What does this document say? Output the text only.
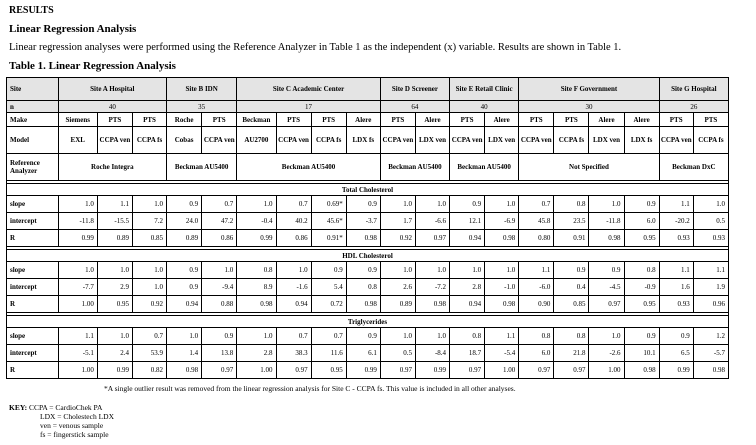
RESULTS
Linear Regression Analysis
Linear regression analyses were performed using the Reference Analyzer in Table 1 as the independent (x) variable. Results are shown in Table 1.
Table 1. Linear Regression Analysis
Site	Site A Hospital			Site B IDN		Site C Academic Center				Site D Screener		Site E Retail Clinic		Site F Government				Site G Hospital	
n	40			35		17				64		40		30				26	
Make	Siemens	PTS	PTS	Roche	PTS	Beckman	PTS	PTS	Alere	PTS	Alere	PTS	Alere	PTS	PTS	Alere	Alere	PTS	PTS
Model	EXL	CCPA ven	CCPA fs	Cobas	CCPA ven	AU2700	CCPA ven	CCPA fs	LDX fs	CCPA ven	LDX ven	CCPA ven	LDX ven	CCPA ven	CCPA fs	LDX ven	LDX fs	CCPA ven	CCPA fs
Reference Analyzer	Roche Integra			Beckman AU5400		Beckman AU5400				Beckman AU5400		Beckman AU5400		Not Specified				Beckman DxC	

Total Cholesterol																			
slope	1.0	1.1	1.0	0.9	0.7	1.0	0.7	0.69*	0.9	1.0	1.0	0.9	1.0	0.7	0.8	1.0	0.9	1.1	1.0
intercept	-11.8	-15.5	7.2	24.0	47.2	-0.4	40.2	45.6*	-3.7	1.7	-6.6	12.1	-6.9	45.8	23.5	-11.8	6.0	-20.2	0.5
R	0.99	0.89	0.85	0.89	0.86	0.99	0.86	0.91*	0.98	0.92	0.97	0.94	0.98	0.80	0.91	0.98	0.95	0.93	0.93

HDL Cholesterol																			
slope	1.0	1.0	1.0	0.9	1.0	0.8	1.0	0.9	0.9	1.0	1.0	1.0	1.0	1.1	0.9	0.9	0.8	1.1	1.1
intercept	-7.7	2.9	1.0	0.9	-9.4	8.9	-1.6	5.4	0.8	2.6	-7.2	2.8	-1.0	-6.0	0.4	-4.5	-0.9	1.6	1.9
R	1.00	0.95	0.92	0.94	0.88	0.98	0.94	0.72	0.98	0.89	0.98	0.94	0.98	0.90	0.85	0.97	0.95	0.93	0.96

Triglycerides																			
slope	1.1	1.0	0.7	1.0	0.9	1.0	0.7	0.7	0.9	1.0	1.0	0.8	1.1	0.8	0.8	1.0	0.9	0.9	1.2
intercept	-5.1	2.4	53.9	1.4	13.8	2.8	38.3	11.6	6.1	0.5	-8.4	18.7	-5.4	6.0	21.8	-2.6	10.1	6.5	-5.7
R	1.00	0.99	0.82	0.98	0.97	1.00	0.97	0.95	0.99	0.97	0.99	0.97	1.00	0.97	0.97	1.00	0.98	0.99	0.98
*A single outlier result was removed from the linear regression analysis for Site C - CCPA fs. This value is included in all other analyses.
KEY: CCPA = CardioChek PA
LDX = Cholestech LDX
ven = venous sample
fs = fingerstick sample
